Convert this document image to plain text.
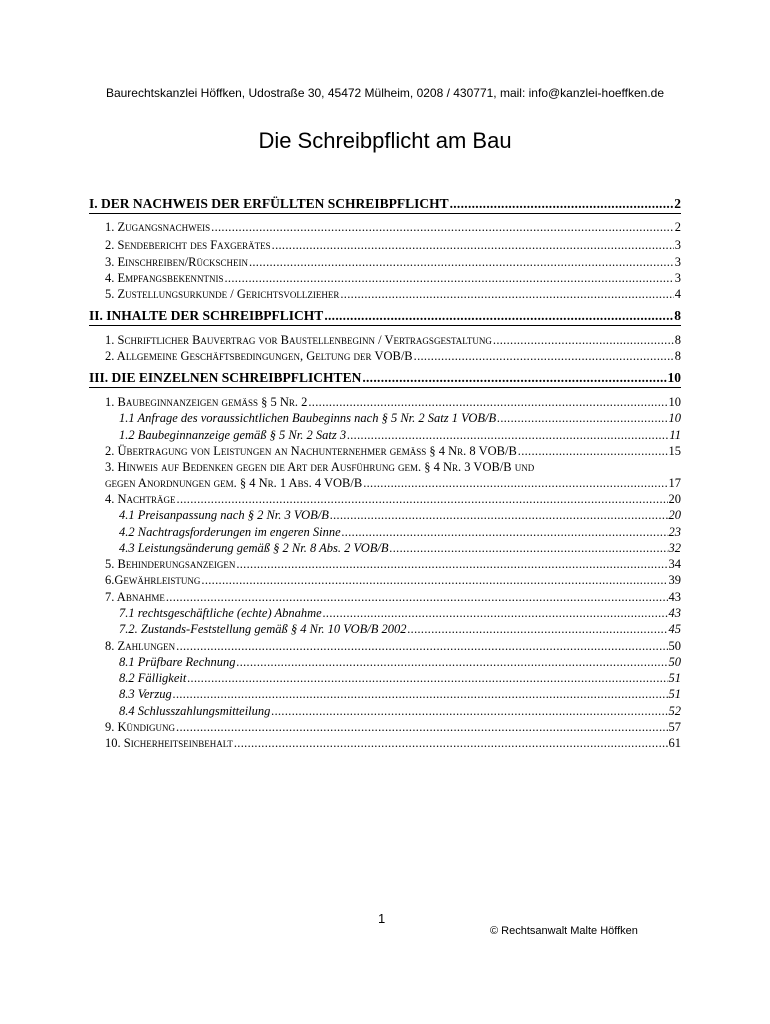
Baurechtskanzlei Höffken, Udostraße 30, 45472 Mülheim, 0208 / 430771, mail: info@kanzlei-hoeffken.de
Die Schreibpflicht am Bau
I. DER NACHWEIS DER ERFÜLLTEN SCHREIBPFLICHT .....	2
1. Zugangsnachweis .....	2
2. Sendebericht des Faxgerätes .....	3
3. Einschreiben/Rückschein .....	3
4. Empfangsbekenntnis .....	3
5. Zustellungsurkunde / Gerichtsvollzieher .....	4
II. INHALTE DER SCHREIBPFLICHT .....	8
1. Schriftlicher Bauvertrag vor Baustellenbeginn / Vertragsgestaltung .....	8
2. Allgemeine Geschäftsbedingungen, Geltung der VOB/B .....	8
III. DIE EINZELNEN SCHREIBPFLICHTEN .....	10
1. Baubeginnanzeigen gemäß § 5 Nr. 2 .....	10
1.1 Anfrage des voraussichtlichen Baubeginns nach § 5 Nr. 2 Satz 1 VOB/B .....	10
1.2 Baubeginnanzeige gemäß § 5 Nr. 2 Satz 3 .....	11
2. Übertragung von Leistungen an Nachunternehmer gemäß § 4 Nr. 8 VOB/B .....	15
3. Hinweis auf Bedenken gegen die Art der Ausführung gem. § 4 Nr. 3 VOB/B und
gegen Anordnungen gem. § 4 Nr. 1 Abs. 4 VOB/B .....	17
4. Nachträge .....	20
4.1 Preisanpassung nach § 2 Nr. 3 VOB/B .....	20
4.2 Nachtragsforderungen im engeren Sinne .....	23
4.3 Leistungsänderung gemäß § 2 Nr. 8 Abs. 2 VOB/B .....	32
5. Behinderungsanzeigen .....	34
6.Gewährleistung .....	39
7. Abnahme .....	43
7.1 rechtsgeschäftliche (echte) Abnahme .....	43
7.2. Zustands-Feststellung gemäß § 4 Nr. 10 VOB/B 2002 .....	45
8. Zahlungen .....	50
8.1 Prüfbare Rechnung .....	50
8.2 Fälligkeit .....	51
8.3 Verzug .....	51
8.4 Schlusszahlungsmitteilung .....	52
9. Kündigung .....	57
10. Sicherheitseinbehalt .....	61
1
© Rechtsanwalt Malte Höffken
